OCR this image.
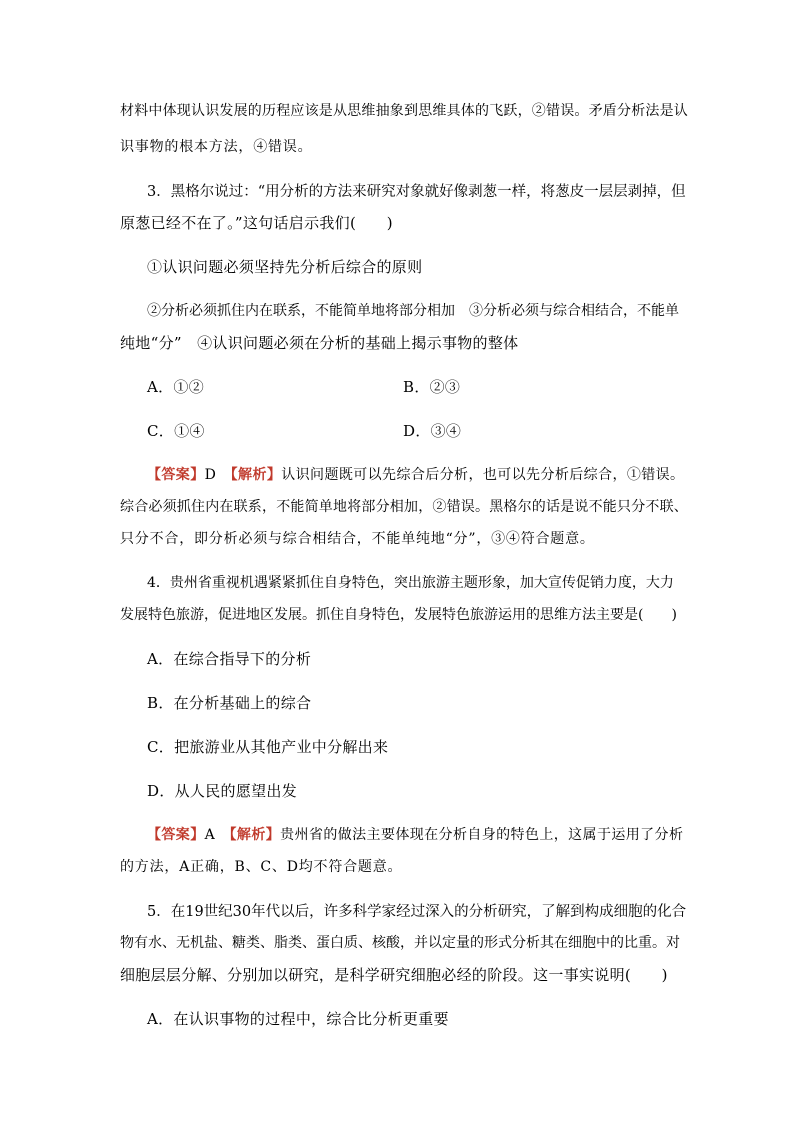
材料中体现认识发展的历程应该是从思维抽象到思维具体的飞跃，②错误。矛盾分析法是认

识事物的根本方法，④错误。

3．黑格尔说过：“用分析的方法来研究对象就好像剥葱一样，将葱皮一层层剥掉，但

原葱已经不在了。”这句话启示我们(　　)

①认识问题必须坚持先分析后综合的原则

②分析必须抓住内在联系，不能简单地将部分相加　③分析必须与综合相结合，不能单

纯地“分”　④认识问题必须在分析的基础上揭示事物的整体

A．①②	B．②③

C．①④	D．③④

【答案】D　【解析】认识问题既可以先综合后分析，也可以先分析后综合，①错误。

综合必须抓住内在联系，不能简单地将部分相加，②错误。黑格尔的话是说不能只分不联、

只分不合，即分析必须与综合相结合，不能单纯地“分”，③④符合题意。

4．贵州省重视机遇紧紧抓住自身特色，突出旅游主题形象，加大宣传促销力度，大力

发展特色旅游，促进地区发展。抓住自身特色，发展特色旅游运用的思维方法主要是(　　)

A．在综合指导下的分析

B．在分析基础上的综合

C．把旅游业从其他产业中分解出来

D．从人民的愿望出发

【答案】A　【解析】贵州省的做法主要体现在分析自身的特色上，这属于运用了分析

的方法，A正确，B、C、D均不符合题意。

5．在19世纪30年代以后，许多科学家经过深入的分析研究，了解到构成细胞的化合

物有水、无机盐、糖类、脂类、蛋白质、核酸，并以定量的形式分析其在细胞中的比重。对

细胞层层分解、分别加以研究，是科学研究细胞必经的阶段。这一事实说明(　　)

A．在认识事物的过程中，综合比分析更重要
